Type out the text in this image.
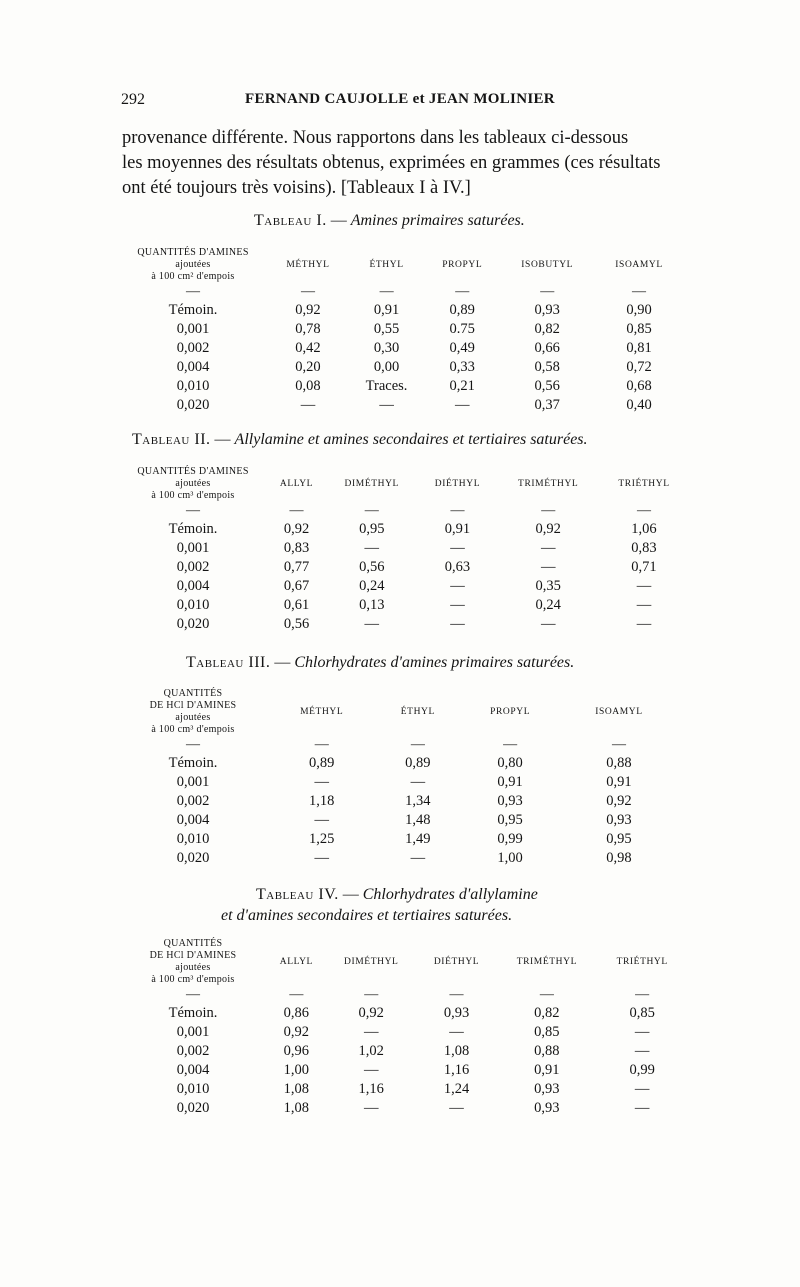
292	FERNAND CAUJOLLE et JEAN MOLINIER

provenance différente. Nous rapportons dans les tableaux ci-dessous

les moyennes des résultats obtenus, exprimées en grammes (ces résultats

ont été toujours très voisins). [Tableaux I à IV.]

Tableau I. — Amines primaires saturées.
QUANTITÉS D'AMINES
ajoutées
à 100 cm² d'empois	MÉTHYL	ÉTHYL	PROPYL	ISOBUTYL	ISOAMYL
—	—	—	—	—	—
Témoin.	0,92	0,91	0,89	0,93	0,90
0,001	0,78	0,55	0.75	0,82	0,85
0,002	0,42	0,30	0,49	0,66	0,81
0,004	0,20	0,00	0,33	0,58	0,72
0,010	0,08	Traces.	0,21	0,56	0,68
0,020	—	—	—	0,37	0,40
Tableau II. — Allylamine et amines secondaires et tertiaires saturées.
QUANTITÉS D'AMINES
ajoutées
à 100 cm³ d'empois	ALLYL	DIMÉTHYL	DIÉTHYL	TRIMÉTHYL	TRIÉTHYL
—	—	—	—	—	—
Témoin.	0,92	0,95	0,91	0,92	1,06
0,001	0,83	—	—	—	0,83
0,002	0,77	0,56	0,63	—	0,71
0,004	0,67	0,24	—	0,35	—
0,010	0,61	0,13	—	0,24	—
0,020	0,56	—	—	—	—
Tableau III. — Chlorhydrates d'amines primaires saturées.
QUANTITÉS
DE HCl D'AMINES
ajoutées
à 100 cm³ d'empois	MÉTHYL	ÉTHYL	PROPYL	ISOAMYL
—	—	—	—	—
Témoin.	0,89	0,89	0,80	0,88
0,001	—	—	0,91	0,91
0,002	1,18	1,34	0,93	0,92
0,004	—	1,48	0,95	0,93
0,010	1,25	1,49	0,99	0,95
0,020	—	—	1,00	0,98
Tableau IV. — Chlorhydrates d'allylamine
et d'amines secondaires et tertiaires saturées.
QUANTITÉS
DE HCl D'AMINES
ajoutées
à 100 cm³ d'empois	ALLYL	DIMÉTHYL	DIÉTHYL	TRIMÉTHYL	TRIÉTHYL
—	—	—	—	—	—
Témoin.	0,86	0,92	0,93	0,82	0,85
0,001	0,92	—	—	0,85	—
0,002	0,96	1,02	1,08	0,88	—
0,004	1,00	—	1,16	0,91	0,99
0,010	1,08	1,16	1,24	0,93	—
0,020	1,08	—	—	0,93	—
